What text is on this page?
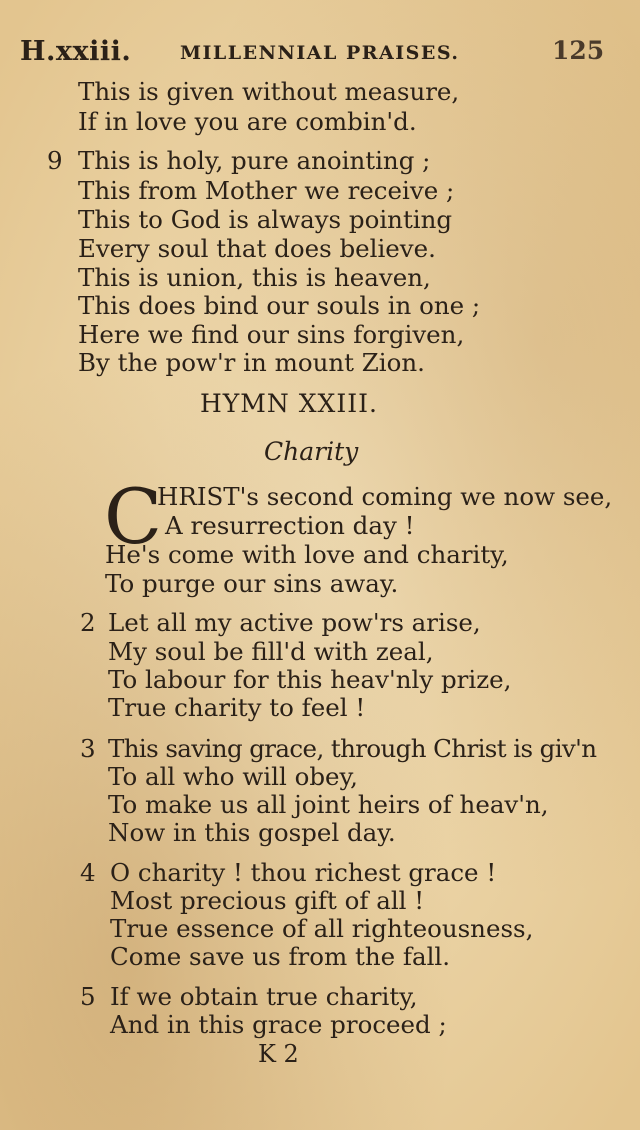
H.xxiii.	MILLENNIAL PRAISES.	125
This is given without measure,
If in love you are combin'd.
9 This is holy, pure anointing ;
This from Mother we receive ;
This to God is always pointing
Every soul that does believe.
This is union, this is heaven,
This does bind our souls in one ;
Here we find our sins forgiven,
By the pow'r in mount Zion.
HYMN XXIII.
Charity
C
HRIST's second coming we now see,
A resurrection day !
He's come with love and charity,
To purge our sins away.
2 Let all my active pow'rs arise,
My soul be fill'd with zeal,
To labour for this heav'nly prize,
True charity to feel !
3 This saving grace, through Christ is giv'n
To all who will obey,
To make us all joint heirs of heav'n,
Now in this gospel day.
4 O charity ! thou richest grace !
Most precious gift of all !
True essence of all righteousness,
Come save us from the fall.
5 If we obtain true charity,
And in this grace proceed ;
K 2
